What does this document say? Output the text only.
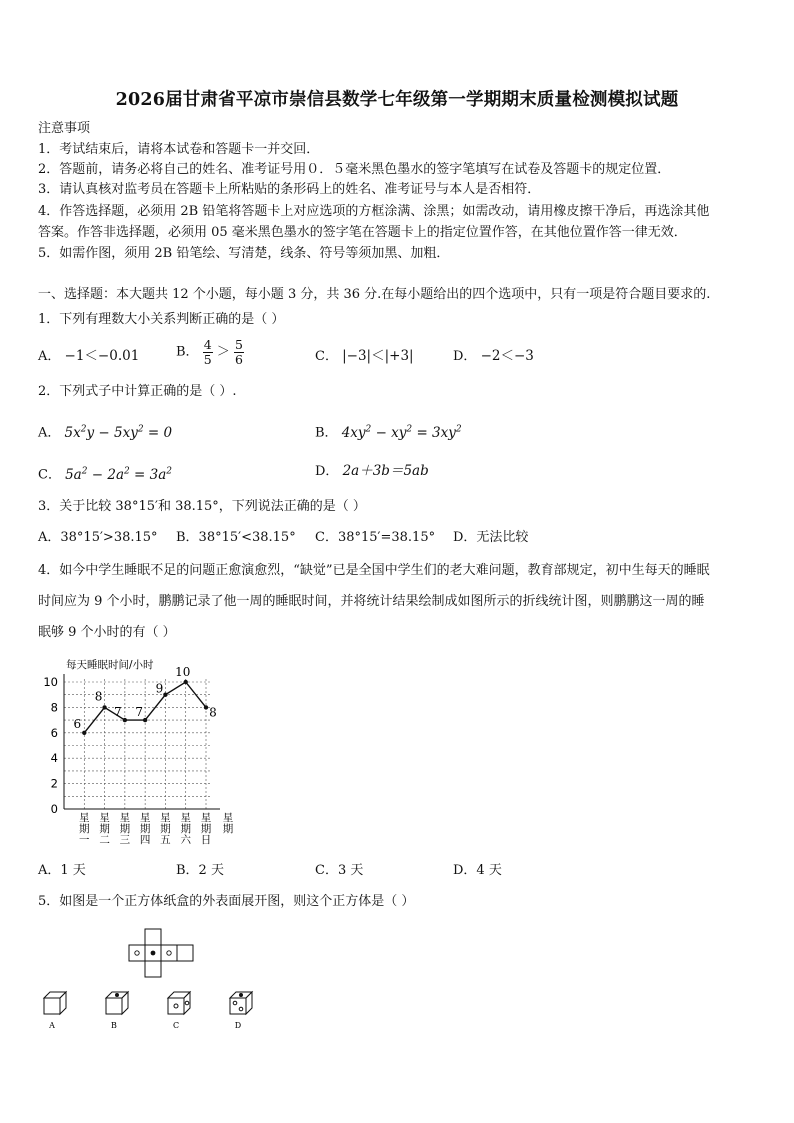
2026届甘肃省平凉市崇信县数学七年级第一学期期末质量检测模拟试题
注意事项
1．考试结束后，请将本试卷和答题卡一并交回．
2．答题前，请务必将自己的姓名、准考证号用０．５毫米黑色墨水的签字笔填写在试卷及答题卡的规定位置．
3．请认真核对监考员在答题卡上所粘贴的条形码上的姓名、准考证号与本人是否相符．
4．作答选择题，必须用 2B 铅笔将答题卡上对应选项的方框涂满、涂黑；如需改动，请用橡皮擦干净后，再选涂其他
答案。作答非选择题，必须用 05 毫米黑色墨水的签字笔在答题卡上的指定位置作答，在其他位置作答一律无效．
5．如需作图，须用 2B 铅笔绘、写清楚，线条、符号等须加黑、加粗．
一、选择题：本大题共 12 个小题，每小题 3 分，共 36 分.在每小题给出的四个选项中，只有一项是符合题目要求的.
1．下列有理数大小关系判断正确的是（ ）
A． −1＜−0.01	B． $\frac{4}{5} > \frac{5}{6}$	C． |−3|＜|+3|	D． −2＜−3
2．下列式子中计算正确的是（ ）.
A． $5x^2y - 5xy^2 = 0$	B． $4xy^2 - xy^2 = 3xy^2$
C． $5a^2 - 2a^2 = 3a^2$	D． 2a＋3b＝5ab
3．关于比较 38°15′和 38.15°，下列说法正确的是（ ）
A．38°15′>38.15° B．38°15′<38.15° C．38°15′=38.15° D．无法比较
4．如今中学生睡眠不足的问题正愈演愈烈，“缺觉”已是全国中学生们的老大难问题，教育部规定，初中生每天的睡眠
时间应为 9 个小时，鹏鹏记录了他一周的睡眠时间，并将统计结果绘制成如图所示的折线统计图，则鹏鹏这一周的睡
眠够 9 个小时的有（ ）
每天睡眠时间/小时
星期
0
2
4
6
8
10
星
期
一
星
期
二
星
期
三
星
期
四
星
期
五
星
期
六
星
期
日
6
8
7 7
9
10
8
A．1 天	B．2 天	C．3 天	D．4 天
5．如图是一个正方体纸盒的外表面展开图，则这个正方体是（ ）
A	B	C	D
